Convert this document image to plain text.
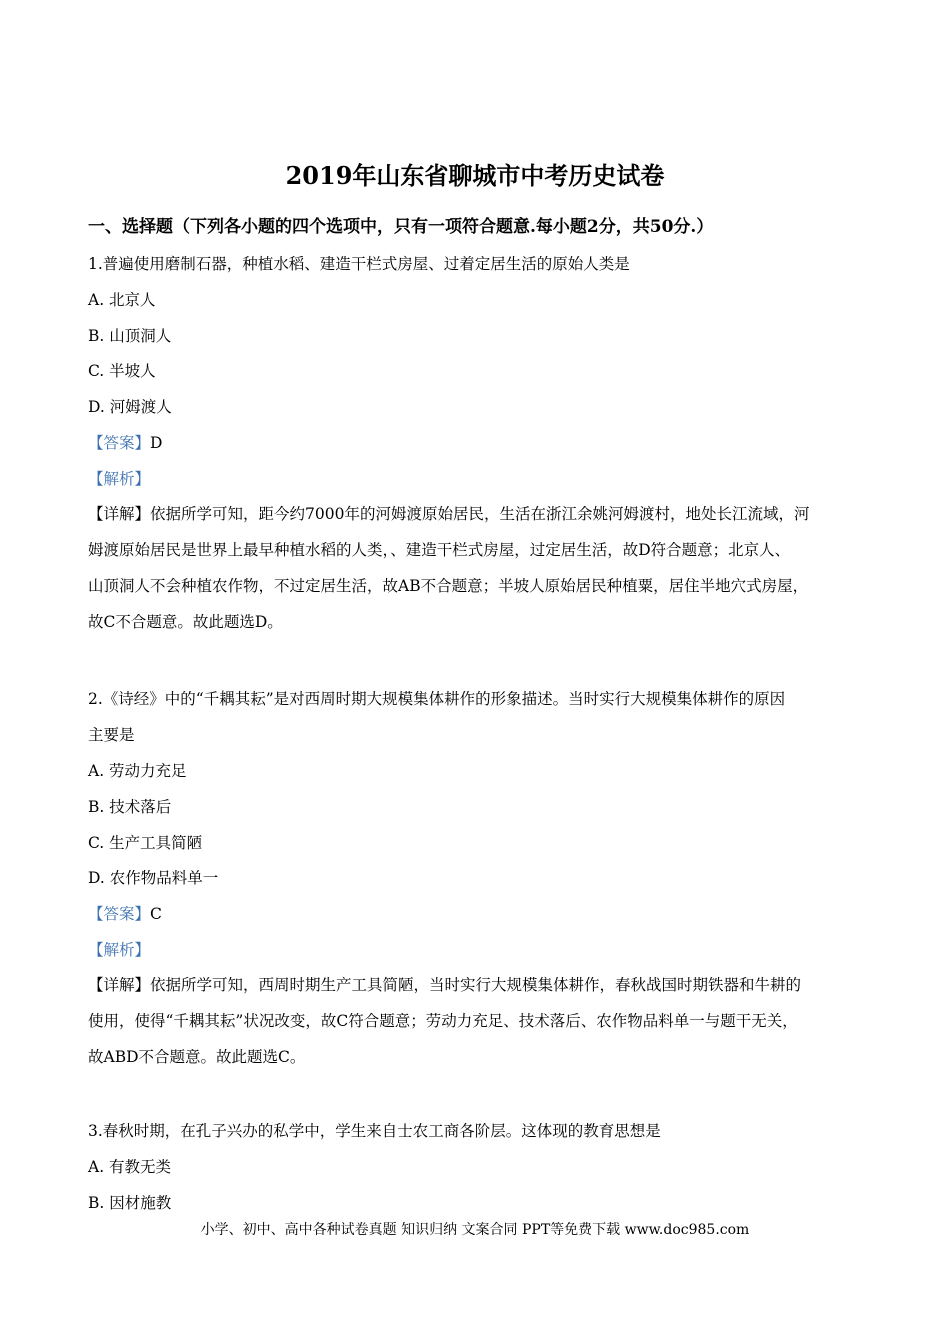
2019年山东省聊城市中考历史试卷
一、选择题（下列各小题的四个选项中，只有一项符合题意.每小题2分，共50分.）
1.普遍使用磨制石器，种植水稻、建造干栏式房屋、过着定居生活的原始人类是
A. 北京人
B. 山顶洞人
C. 半坡人
D. 河姆渡人
【答案】D
【解析】
【详解】依据所学可知，距今约7000年的河姆渡原始居民，生活在浙江余姚河姆渡村，地处长江流域，河
姆渡原始居民是世界上最早种植水稻的人类，、建造干栏式房屋，过定居生活，故D符合题意；北京人、
山顶洞人不会种植农作物，不过定居生活，故AB不合题意；半坡人原始居民种植粟，居住半地穴式房屋，
故C不合题意。故此题选D。
2.《诗经》中的“千耦其耘”是对西周时期大规模集体耕作的形象描述。当时实行大规模集体耕作的原因
主要是
A. 劳动力充足
B. 技术落后
C. 生产工具简陋
D. 农作物品料单一
【答案】C
【解析】
【详解】依据所学可知，西周时期生产工具简陋，当时实行大规模集体耕作，春秋战国时期铁器和牛耕的
使用，使得“千耦其耘”状况改变，故C符合题意；劳动力充足、技术落后、农作物品料单一与题干无关，
故ABD不合题意。故此题选C。
3.春秋时期，在孔子兴办的私学中，学生来自士农工商各阶层。这体现的教育思想是
A. 有教无类
B. 因材施教
小学、初中、高中各种试卷真题 知识归纳 文案合同 PPT等免费下载 www.doc985.com
